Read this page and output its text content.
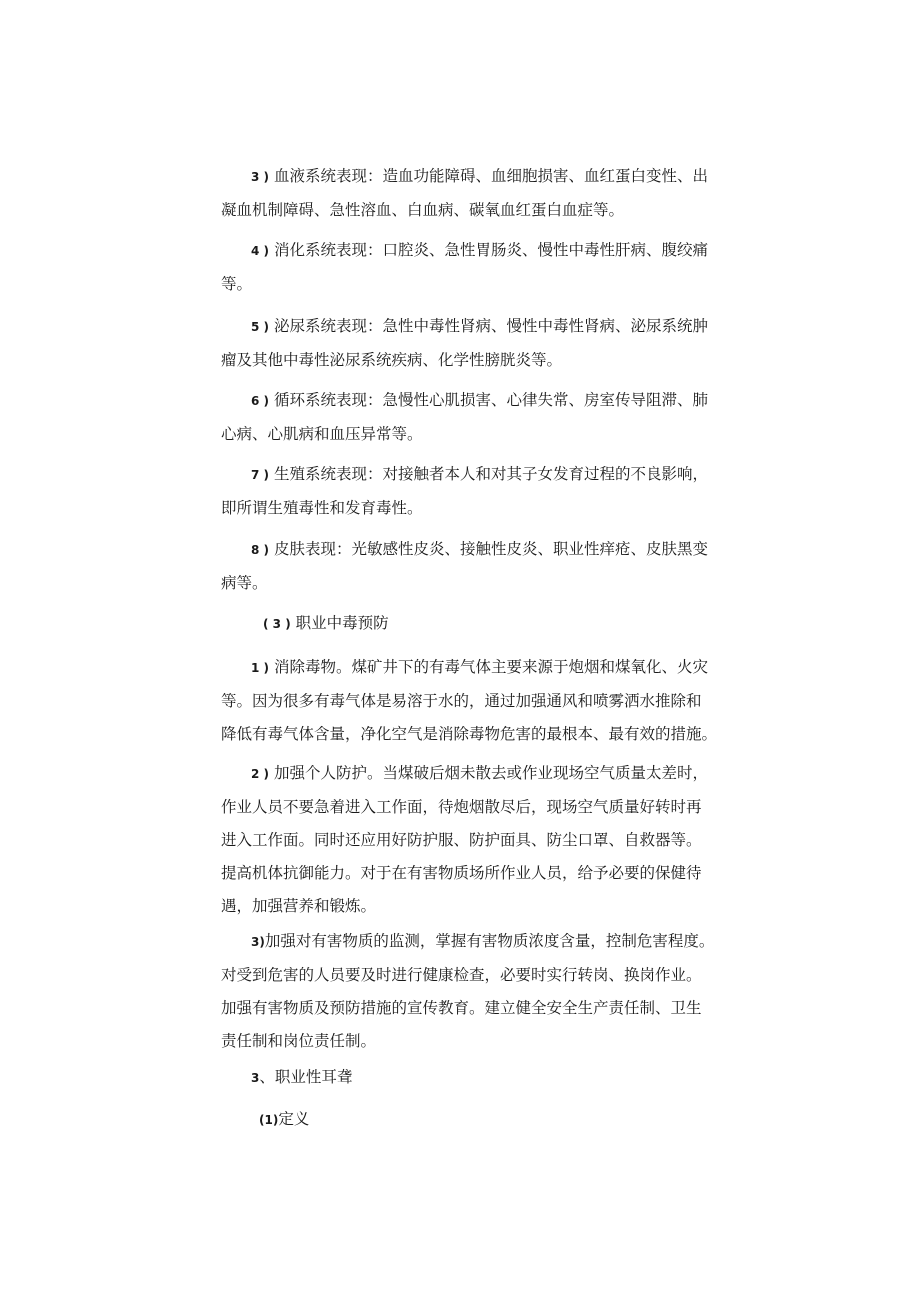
3 ) 血液系统表现：造血功能障碍、血细胞损害、血红蛋白变性、出
凝血机制障碍、急性溶血、白血病、碳氧血红蛋白血症等。

4 ) 消化系统表现：口腔炎、急性胃肠炎、慢性中毒性肝病、腹绞痛
等。

5 ) 泌尿系统表现：急性中毒性肾病、慢性中毒性肾病、泌尿系统肿
瘤及其他中毒性泌尿系统疾病、化学性膀胱炎等。

6 ) 循环系统表现：急慢性心肌损害、心律失常、房室传导阻滞、肺
心病、心肌病和血压异常等。

7 ) 生殖系统表现：对接触者本人和对其子女发育过程的不良影响，
即所谓生殖毒性和发育毒性。

8 ) 皮肤表现：光敏感性皮炎、接触性皮炎、职业性痒疮、皮肤黑变
病等。

( 3 ) 职业中毒预防

1 ) 消除毒物。煤矿井下的有毒气体主要来源于炮烟和煤氧化、火灾
等。因为很多有毒气体是易溶于水的，通过加强通风和喷雾洒水推除和
降低有毒气体含量，净化空气是消除毒物危害的最根本、最有效的措施。

2 ) 加强个人防护。当煤破后烟未散去或作业现场空气质量太差时，
作业人员不要急着进入工作面，待炮烟散尽后，现场空气质量好转时再
进入工作面。同时还应用好防护服、防护面具、防尘口罩、自救器等。
提高机体抗御能力。对于在有害物质场所作业人员，给予必要的保健待
遇，加强营养和锻炼。

3)加强对有害物质的监测，掌握有害物质浓度含量，控制危害程度。
对受到危害的人员要及时进行健康检查，必要时实行转岗、换岗作业。
加强有害物质及预防措施的宣传教育。建立健全安全生产责任制、卫生
责任制和岗位责任制。

3、职业性耳聋

(1)定义
